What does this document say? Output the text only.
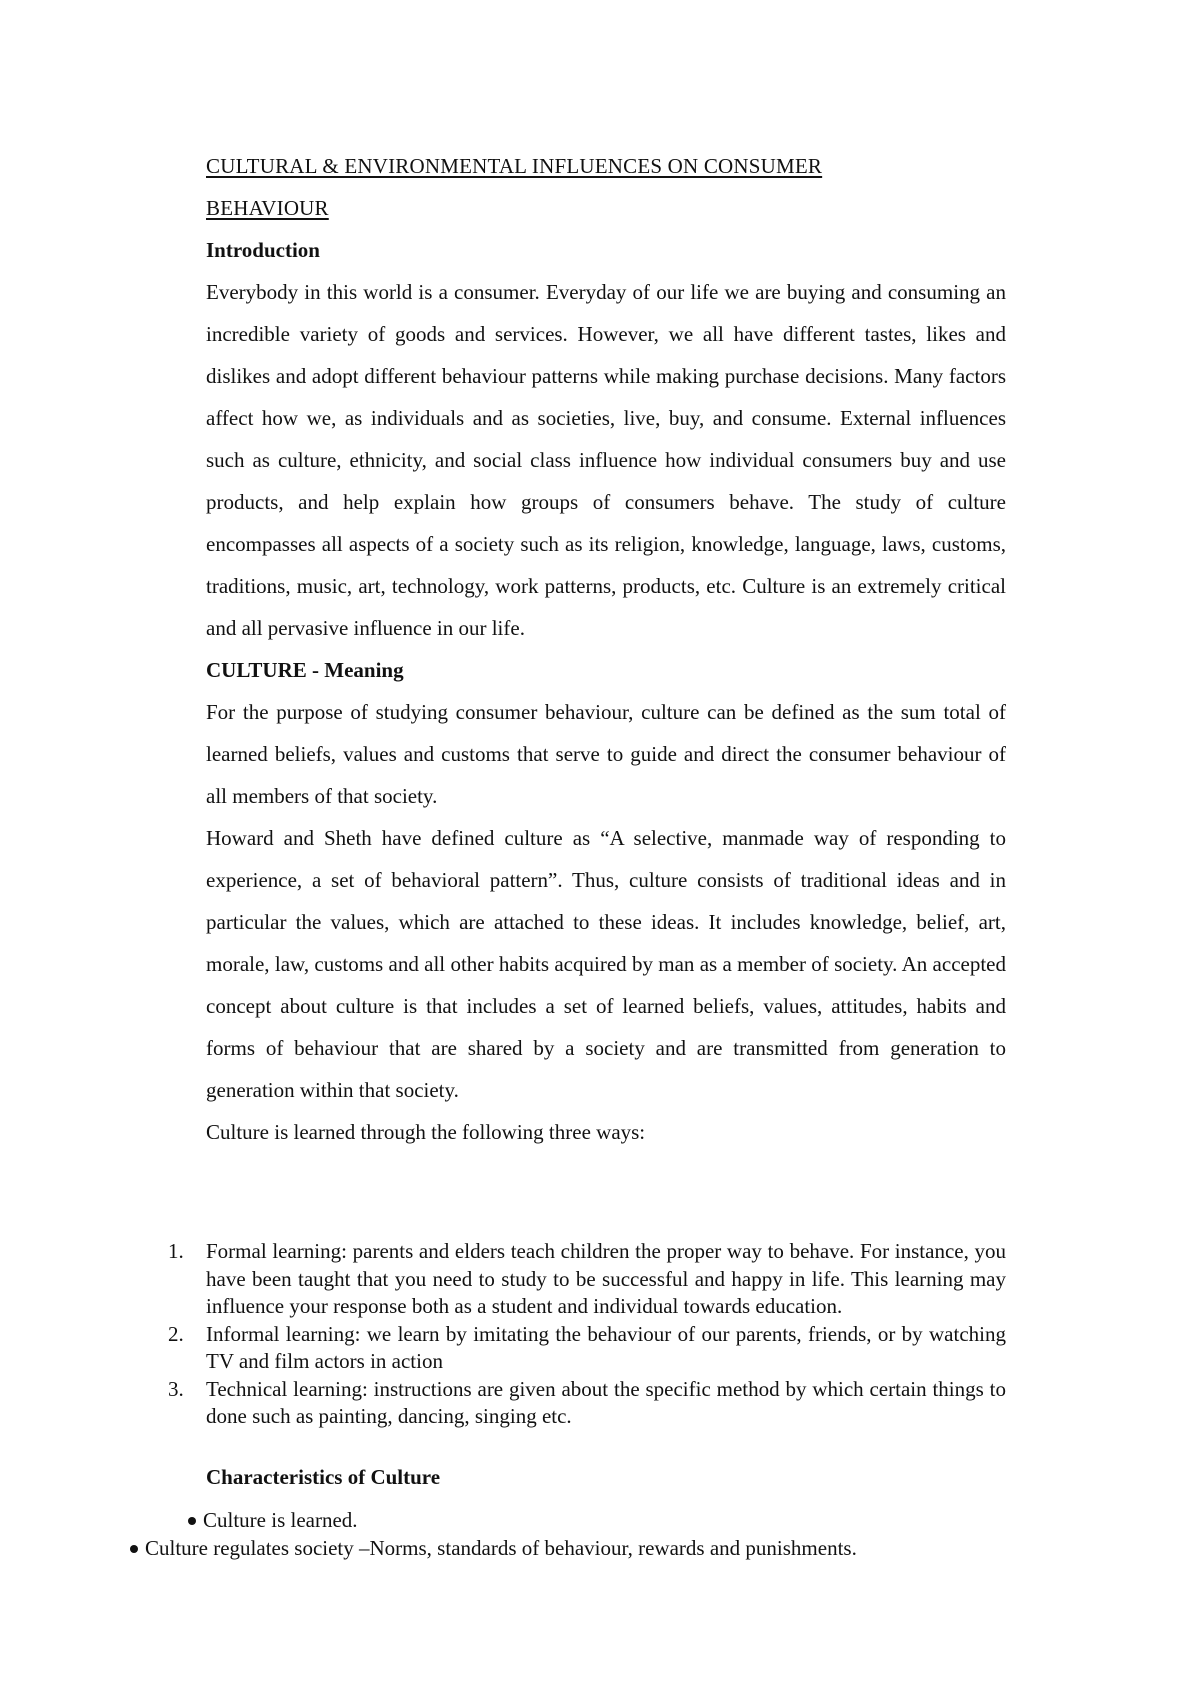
CULTURAL & ENVIRONMENTAL INFLUENCES ON CONSUMER
BEHAVIOUR
Introduction

Everybody in this world is a consumer. Everyday of our life we are buying and consuming an incredible variety of goods and services. However, we all have different tastes, likes and dislikes and adopt different behaviour patterns while making purchase decisions. Many factors affect how we, as individuals and as societies, live, buy, and consume. External influences such as culture, ethnicity, and social class influence how individual consumers buy and use products, and help explain how groups of consumers behave. The study of culture encompasses all aspects of a society such as its religion, knowledge, language, laws, customs, traditions, music, art, technology, work patterns, products, etc. Culture is an extremely critical and all pervasive influence in our life.

CULTURE - Meaning

For the purpose of studying consumer behaviour, culture can be defined as the sum total of learned beliefs, values and customs that serve to guide and direct the consumer behaviour of all members of that society.

Howard and Sheth have defined culture as “A selective, manmade way of responding to experience, a set of behavioral pattern”. Thus, culture consists of traditional ideas and in particular the values, which are attached to these ideas. It includes knowledge, belief, art, morale, law, customs and all other habits acquired by man as a member of society. An accepted concept about culture is that includes a set of learned beliefs, values, attitudes, habits and forms of behaviour that are shared by a society and are transmitted from generation to generation within that society.

Culture is learned through the following three ways:

1. Formal learning: parents and elders teach children the proper way to behave. For instance, you have been taught that you need to study to be successful and happy in life. This learning may influence your response both as a student and individual towards education.
2. Informal learning: we learn by imitating the behaviour of our parents, friends, or by watching TV and film actors in action
3. Technical learning: instructions are given about the specific method by which certain things to done such as painting, dancing, singing etc.
Characteristics of Culture
Culture is learned.
Culture regulates society –Norms, standards of behaviour, rewards and punishments.
